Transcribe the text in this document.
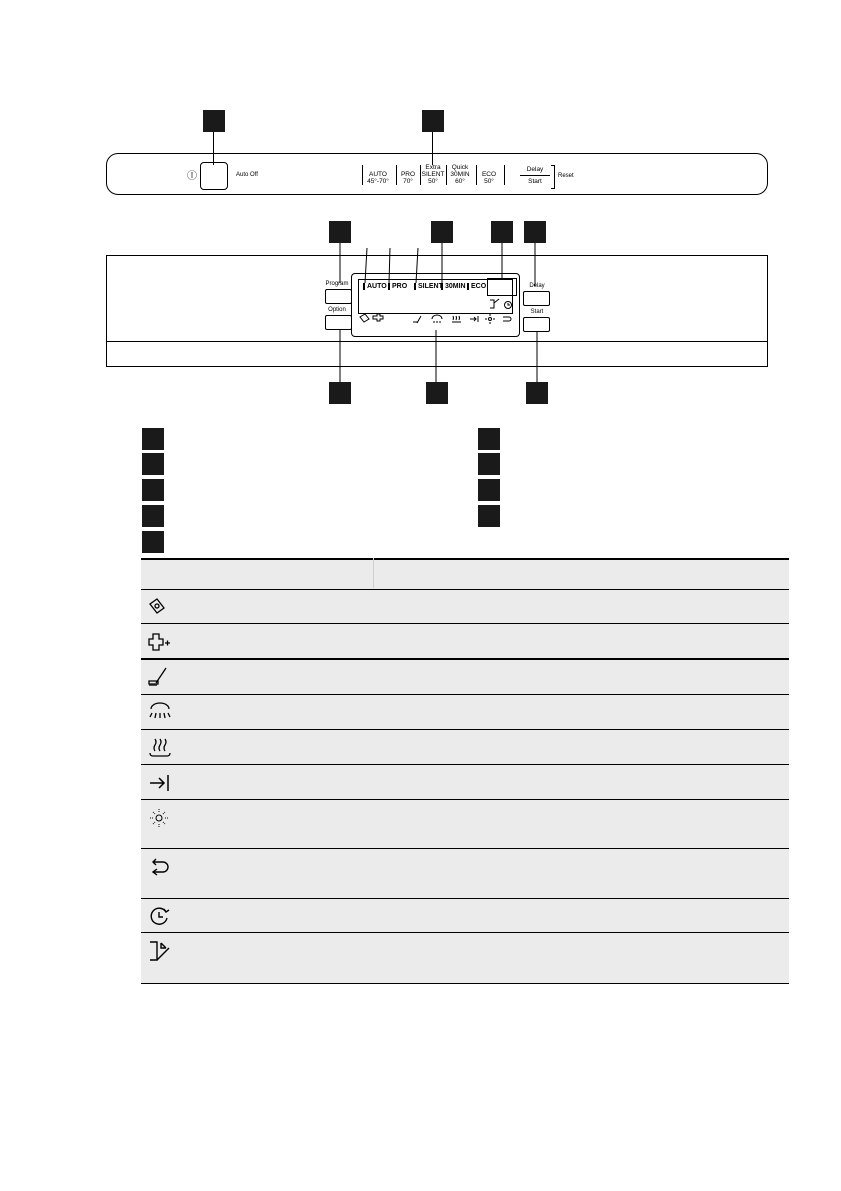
Ⓘ	Auto Off	AUTO
45°-70°
PRO
70°
Extra
SILENT
50°
Quick
30MIN
60°
ECO
50°
Delay
Start
Reset
Program
Option
Delay
Start
AUTO PRO	SILENT 30MIN ECO
